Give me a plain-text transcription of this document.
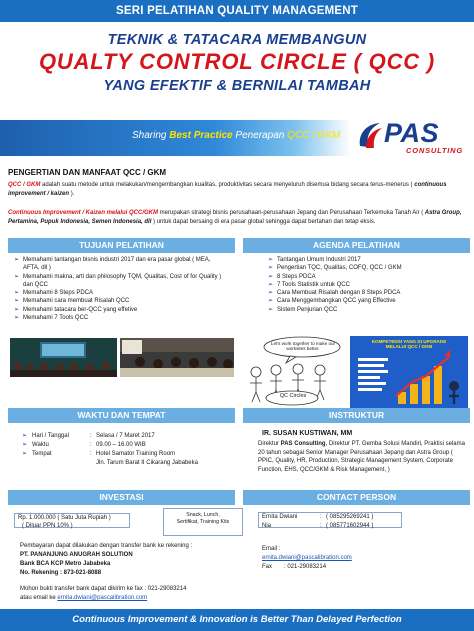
SERI PELATIHAN QUALITY MANAGEMENT
TEKNIK & TATACARA MEMBANGUN
QUALTY CONTROL CIRCLE ( QCC )
YANG EFEKTIF & BERNILAI TAMBAH
Sharing Best Practice Penerapan QCC / GKM PAS
CONSULTING
PENGERTIAN DAN MANFAAT QCC / GKM
QCC / GKM adalah suatu metode untuk melakukan/mengembangkan kualitas, produktivitas secara menyeluruh disemua bidang secara terus-menerus ( continuous improvement / kaizen ).
Continuous Improvement / Kaizen melalui QCC/GKM merupakan strategi bisnis perusahaan-perusahaan Jepang dan Perusahaan Terkemuka Tanah Air ( Astra Group, Pertamina, Pupuk Indonesia, Semen Indonesia, dll ) untuk dapat bersaing di era pasar global sehingga dapat bertahan dan tetap eksis.
TUJUAN PELATIHAN	AGENDA PELATIHAN
➢ Memahami tantangan bisnis industri 2017 dan era pasar global ( MEA, AFTA, dll )
➢ Memahami makna, arti dan philosophy TQM, Qualitas, Cost of for Quality ) dan QCC
➢ Memahami 8 Steps PDCA
➢ Memahami cara membuat Risalah QCC
➢ Memahami tatacara ber-QCC yang effetive
➢ Memahami 7 Tools QCC
➢ Tantangan Umum Industri 2017
➢ Pengertian TQC, Qualitas, COFQ, QCC / GKM
➢ 8 Steps PDCA
➢ 7 Tools Statistik untuk QCC
➢ Cara Membuat Risalah dengan 8 Steps PDCA
➢ Cara Menggembangkan QCC yang Effective
➢ Sistem Penjurian QCC
Let's work together to make our worksites better.
QC Circles
KOMPETENSI YANG DI UPGRADE
MELALUI QCC / GKM
WAKTU DAN TEMPAT	INSTRUKTUR
➢ Hari / Tanggal	: Selasa / 7 Maret 2017
➢ Waktu	: 09.00 – 16.00 WIB
➢ Tempat	: Hotel Samator Training Room
Jln. Tarum Barat II Cikarang Jababeka
IR. SUSAN KUSTIWAN, MM
Direktur PAS Consulting, Direktur PT. Gemba Solusi Mandiri, Praktisi selama 20 tahun sebagai Senior Manager Perusahaan Jepang dan Astra Group ( PPIC, Quality, HR, Production, Strategic Management System, Corporate Function, EHS, QCC/GKM & Risk Management, )
INVESTASI	CONTACT PERSON
Rp. 1.000.000 ( Satu Juta Rupiah )
( Diluar PPN 10% )
Snack, Lunch,
Sertifikat, Training Kits
Pembayaran dapat dilakukan dengan transfer bank ke rekening :
PT. PANANJUNG ANUGRAH SOLUTION
Bank BCA KCP Metro Jababeka
No. Rekening : 873-021-8088
Mohon bukti transfer bank dapat dikirim ke fax : 021-29083214
atau email ke ernita.dwiani@pascalibration.com
Ernita Dwiani	: ( 085295269241 )
Nia	: ( 085771602944 )
Email :
ernita.dwiani@pascalibration.com
Fax : 021-29083214
Continuous Improvement & Innovation is Better Than Delayed Perfection
